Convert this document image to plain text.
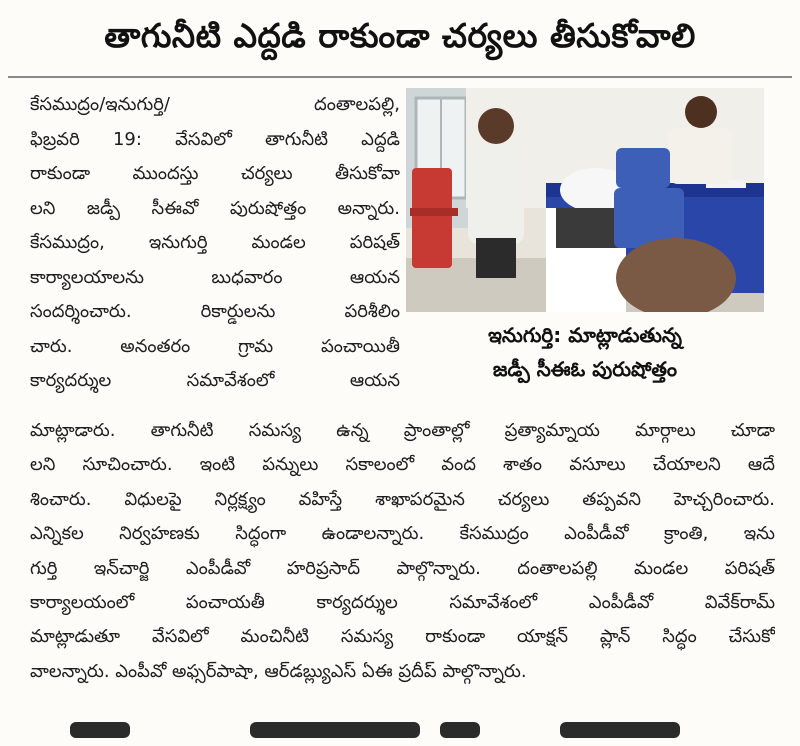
తాగునీటి ఎద్దడి రాకుండా చర్యలు తీసుకోవాలి
కేసముద్రం/ఇనుగుర్తి/ దంతాలపల్లి,
ఫిబ్రవరి 19: వేసవిలో తాగునీటి ఎద్దడి
రాకుండా ముందస్తు చర్యలు తీసుకోవా
లని జడ్పీ సీఈవో పురుషోత్తం అన్నారు.
కేసముద్రం, ఇనుగుర్తి మండల పరిషత్
కార్యాలయాలను బుధవారం ఆయన
సందర్శించారు. రికార్డులను పరిశీలిం
చారు. అనంతరం గ్రామ పంచాయితీ
కార్యదర్శుల సమావేశంలో ఆయన
ఇనుగుర్తి: మాట్లాడుతున్న
జడ్పీ సీఈఓ పురుషోత్తం
మాట్లాడారు. తాగునీటి సమస్య ఉన్న ప్రాంతాల్లో ప్రత్యామ్నాయ మార్గాలు చూడా
లని సూచించారు. ఇంటి పన్నులు సకాలంలో వంద శాతం వసూలు చేయాలని ఆదే
శించారు. విధులపై నిర్లక్ష్యం వహిస్తే శాఖాపరమైన చర్యలు తప్పవని హెచ్చరించారు.
ఎన్నికల నిర్వహణకు సిద్ధంగా ఉండాలన్నారు. కేసముద్రం ఎంపీడీవో క్రాంతి, ఇను
గుర్తి ఇన్‌చార్జి ఎంపీడీవో హరిప్రసాద్ పాల్గొన్నారు. దంతాలపల్లి మండల పరిషత్
కార్యాలయంలో పంచాయతీ కార్యదర్శుల సమావేశంలో ఎంపీడీవో వివేక్‌రామ్
మాట్లాడుతూ వేసవిలో మంచినీటి సమస్య రాకుండా యాక్షన్ ప్లాన్ సిద్ధం చేసుకో
వాలన్నారు. ఎంపీవో అఫ్సర్‌పాషా, ఆర్‌డబ్ల్యుఎస్ ఏఈ ప్రదీప్ పాల్గొన్నారు.
